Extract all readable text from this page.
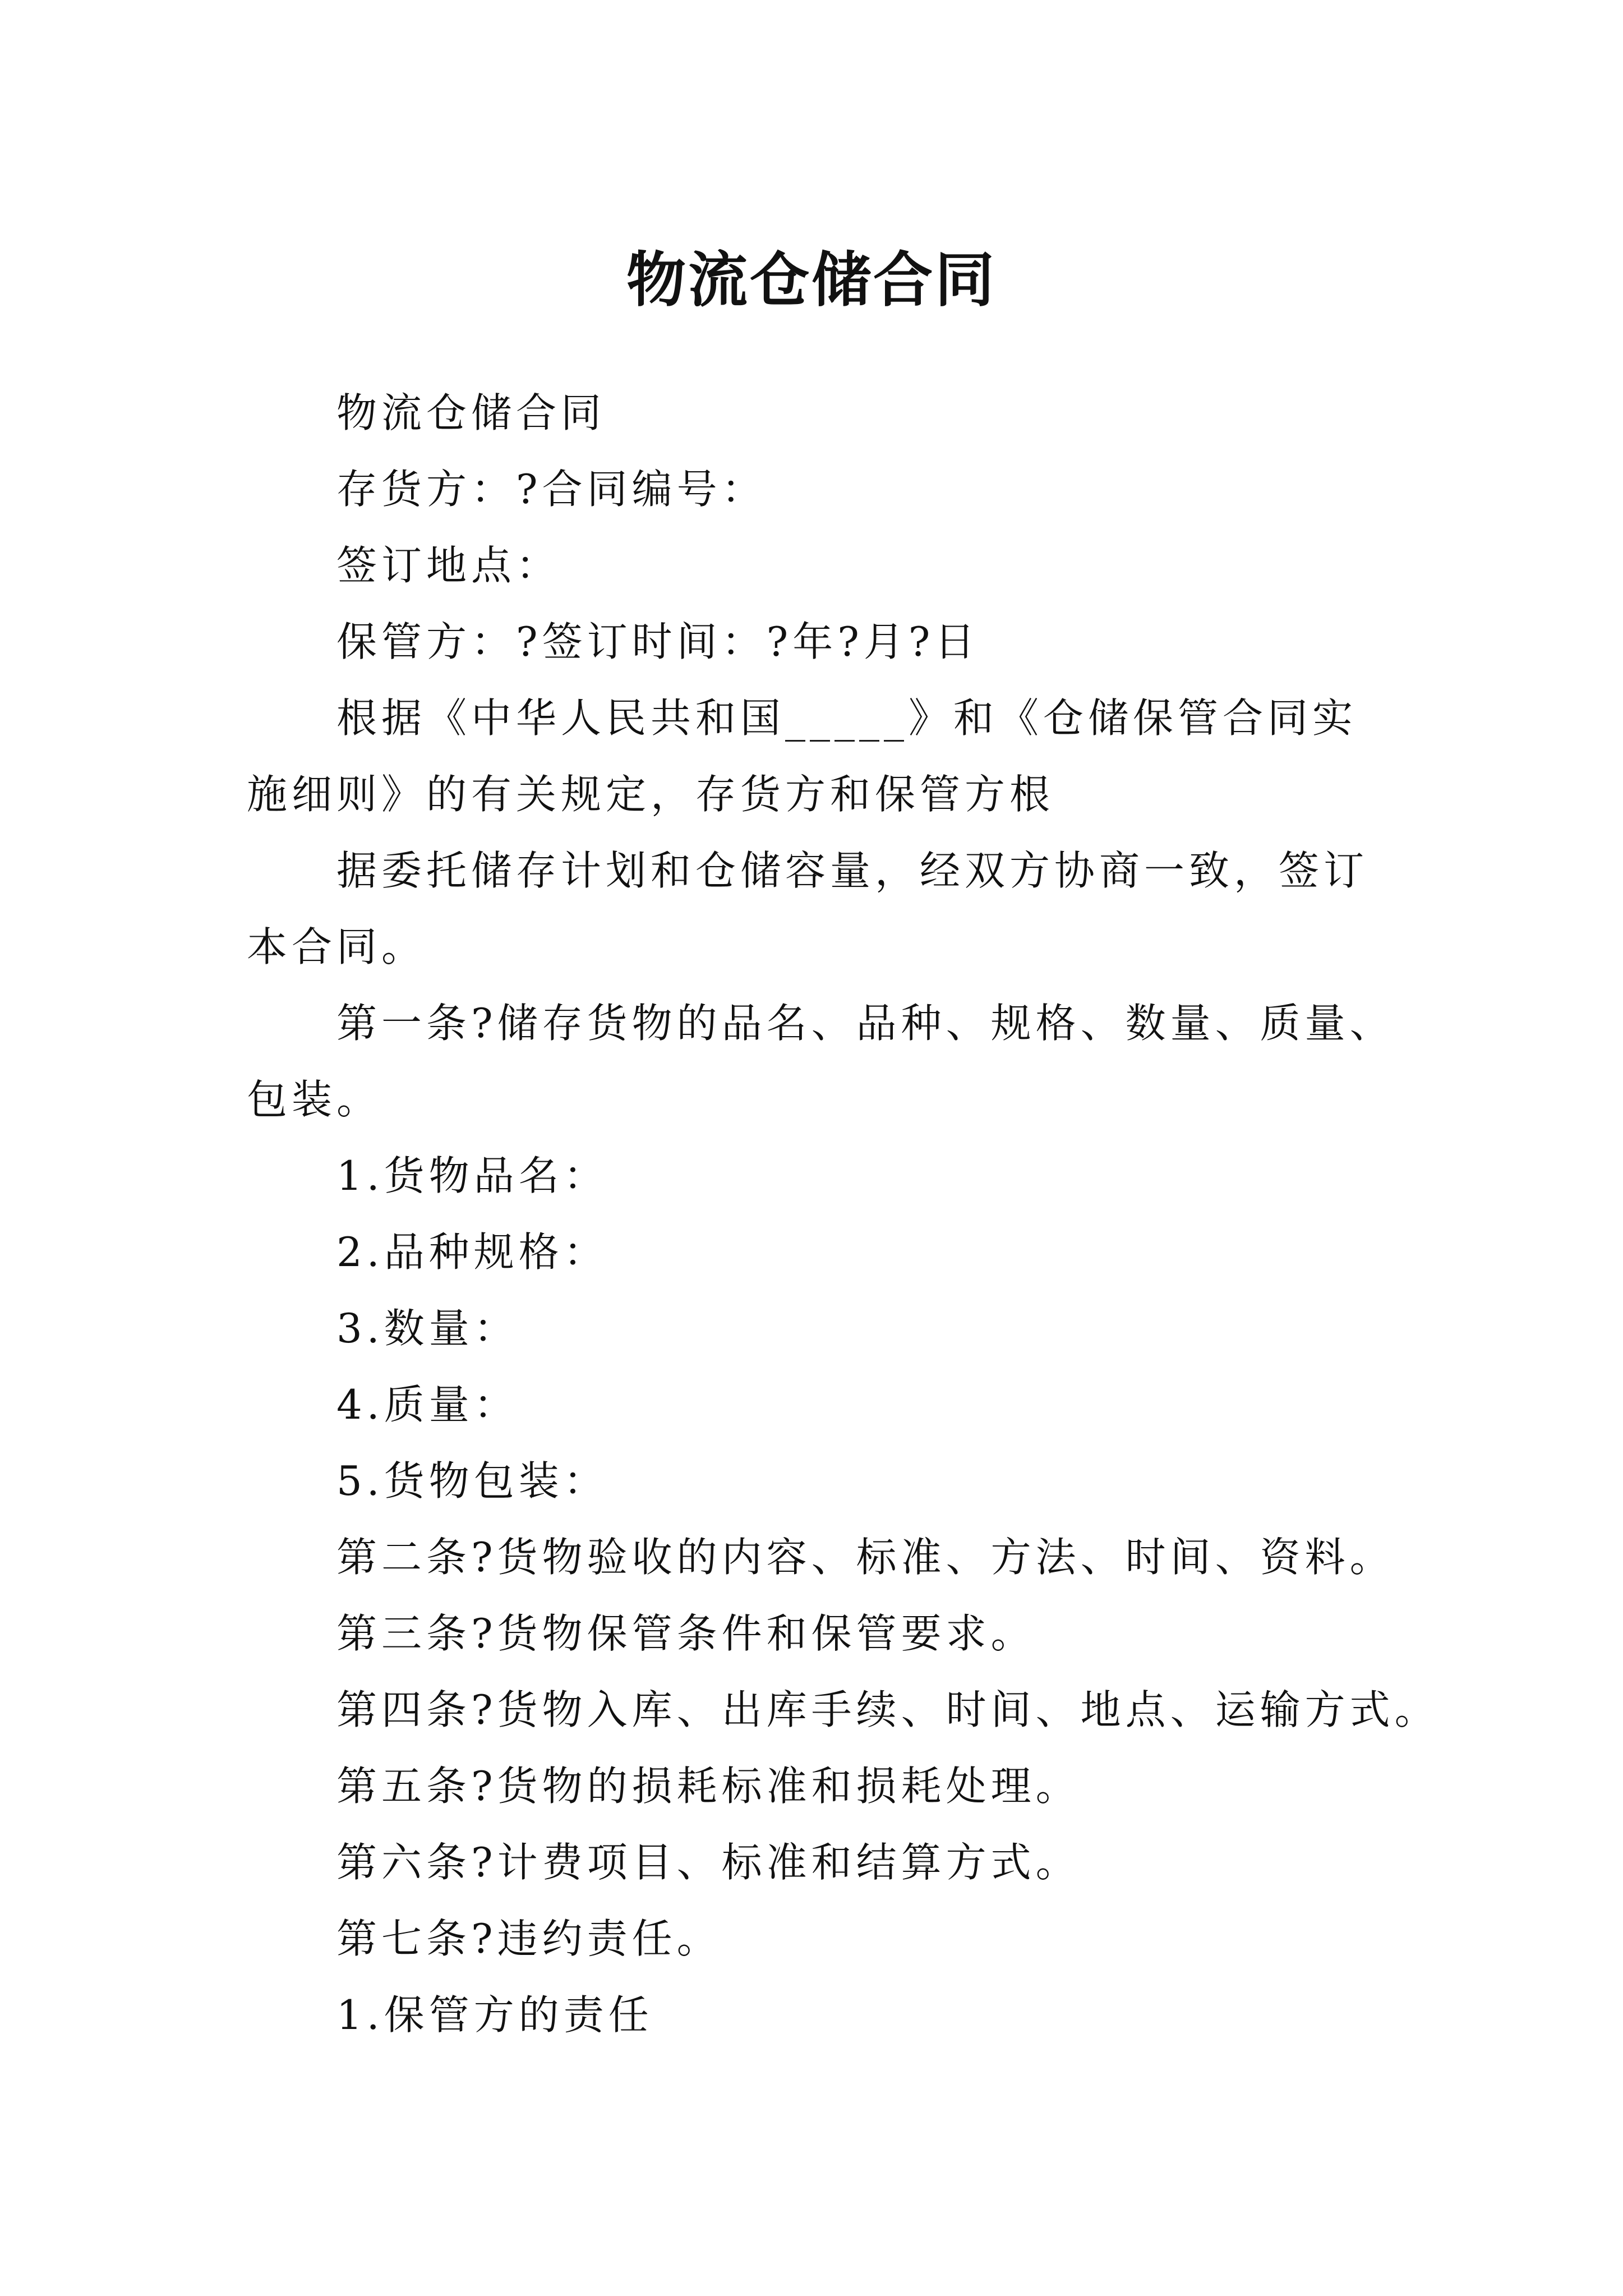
物流仓储合同

物流仓储合同

存货方：?合同编号：

签订地点：

保管方：?签订时间：?年?月?日

根据《中华人民共和国_____》和《仓储保管合同实施细则》的有关规定，存货方和保管方根

据委托储存计划和仓储容量，经双方协商一致，签订本合同。

第一条?储存货物的品名、品种、规格、数量、质量、包装。

1.货物品名：

2.品种规格：

3.数量：

4.质量：

5.货物包装：

第二条?货物验收的内容、标准、方法、时间、资料。

第三条?货物保管条件和保管要求。

第四条?货物入库、出库手续、时间、地点、运输方式。

第五条?货物的损耗标准和损耗处理。

第六条?计费项目、标准和结算方式。

第七条?违约责任。

1.保管方的责任
